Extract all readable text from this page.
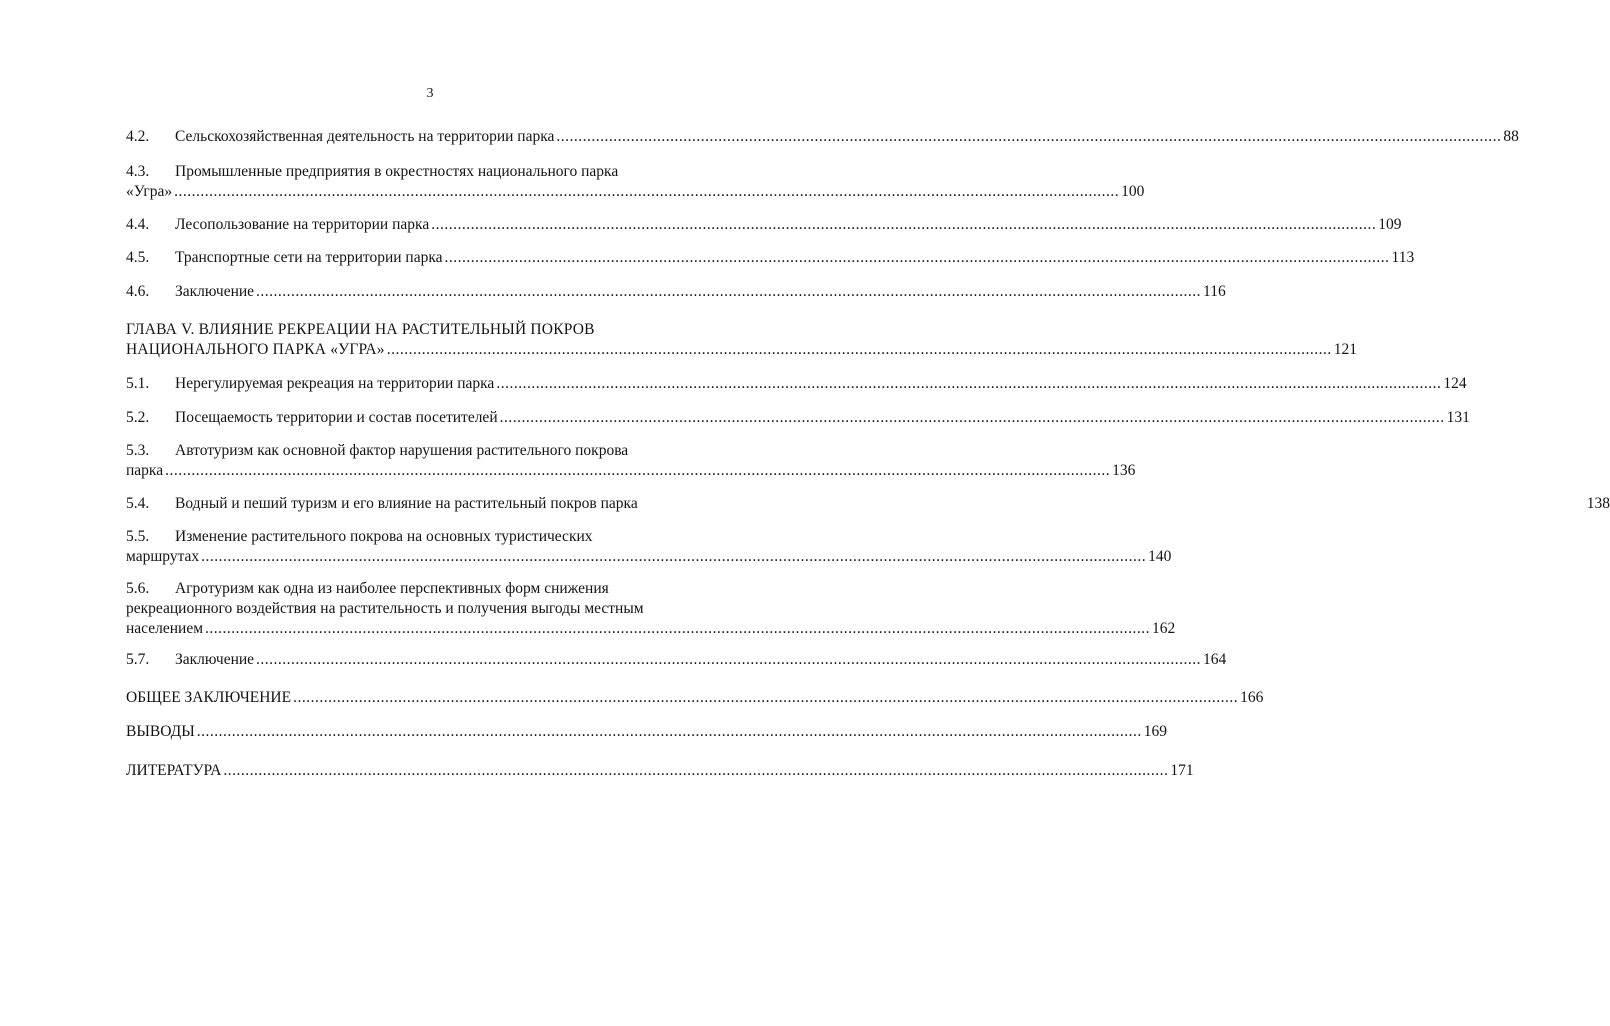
3
4.2.	Сельскохозяйственная деятельность на территории парка .....	88
4.3.	Промышленные предприятия в окрестностях национального парка
«Угра» .....	100
4.4.	Лесопользование на территории парка .....	109
4.5.	Транспортные сети на территории парка .....	113
4.6.	Заключение .....	116
ГЛАВА V. ВЛИЯНИЕ РЕКРЕАЦИИ НА РАСТИТЕЛЬНЫЙ ПОКРОВ
НАЦИОНАЛЬНОГО ПАРКА «УГРА» .....	121
5.1.	Нерегулируемая рекреация на территории парка .....	124
5.2.	Посещаемость территории и состав посетителей .....	131
5.3.	Автотуризм как основной фактор нарушения растительного покрова
парка .....	136
5.4.	Водный и пеший туризм и его влияние на растительный покров парка	138
5.5.	Изменение растительного покрова на основных туристических
маршрутах .....	140
5.6.	Агротуризм как одна из наиболее перспективных форм снижения
рекреационного воздействия на растительность и получения выгоды местным
населением .....	162
5.7.	Заключение .....	164
ОБЩЕЕ ЗАКЛЮЧЕНИЕ .....	166
ВЫВОДЫ .....	169
ЛИТЕРАТУРА .....	171
